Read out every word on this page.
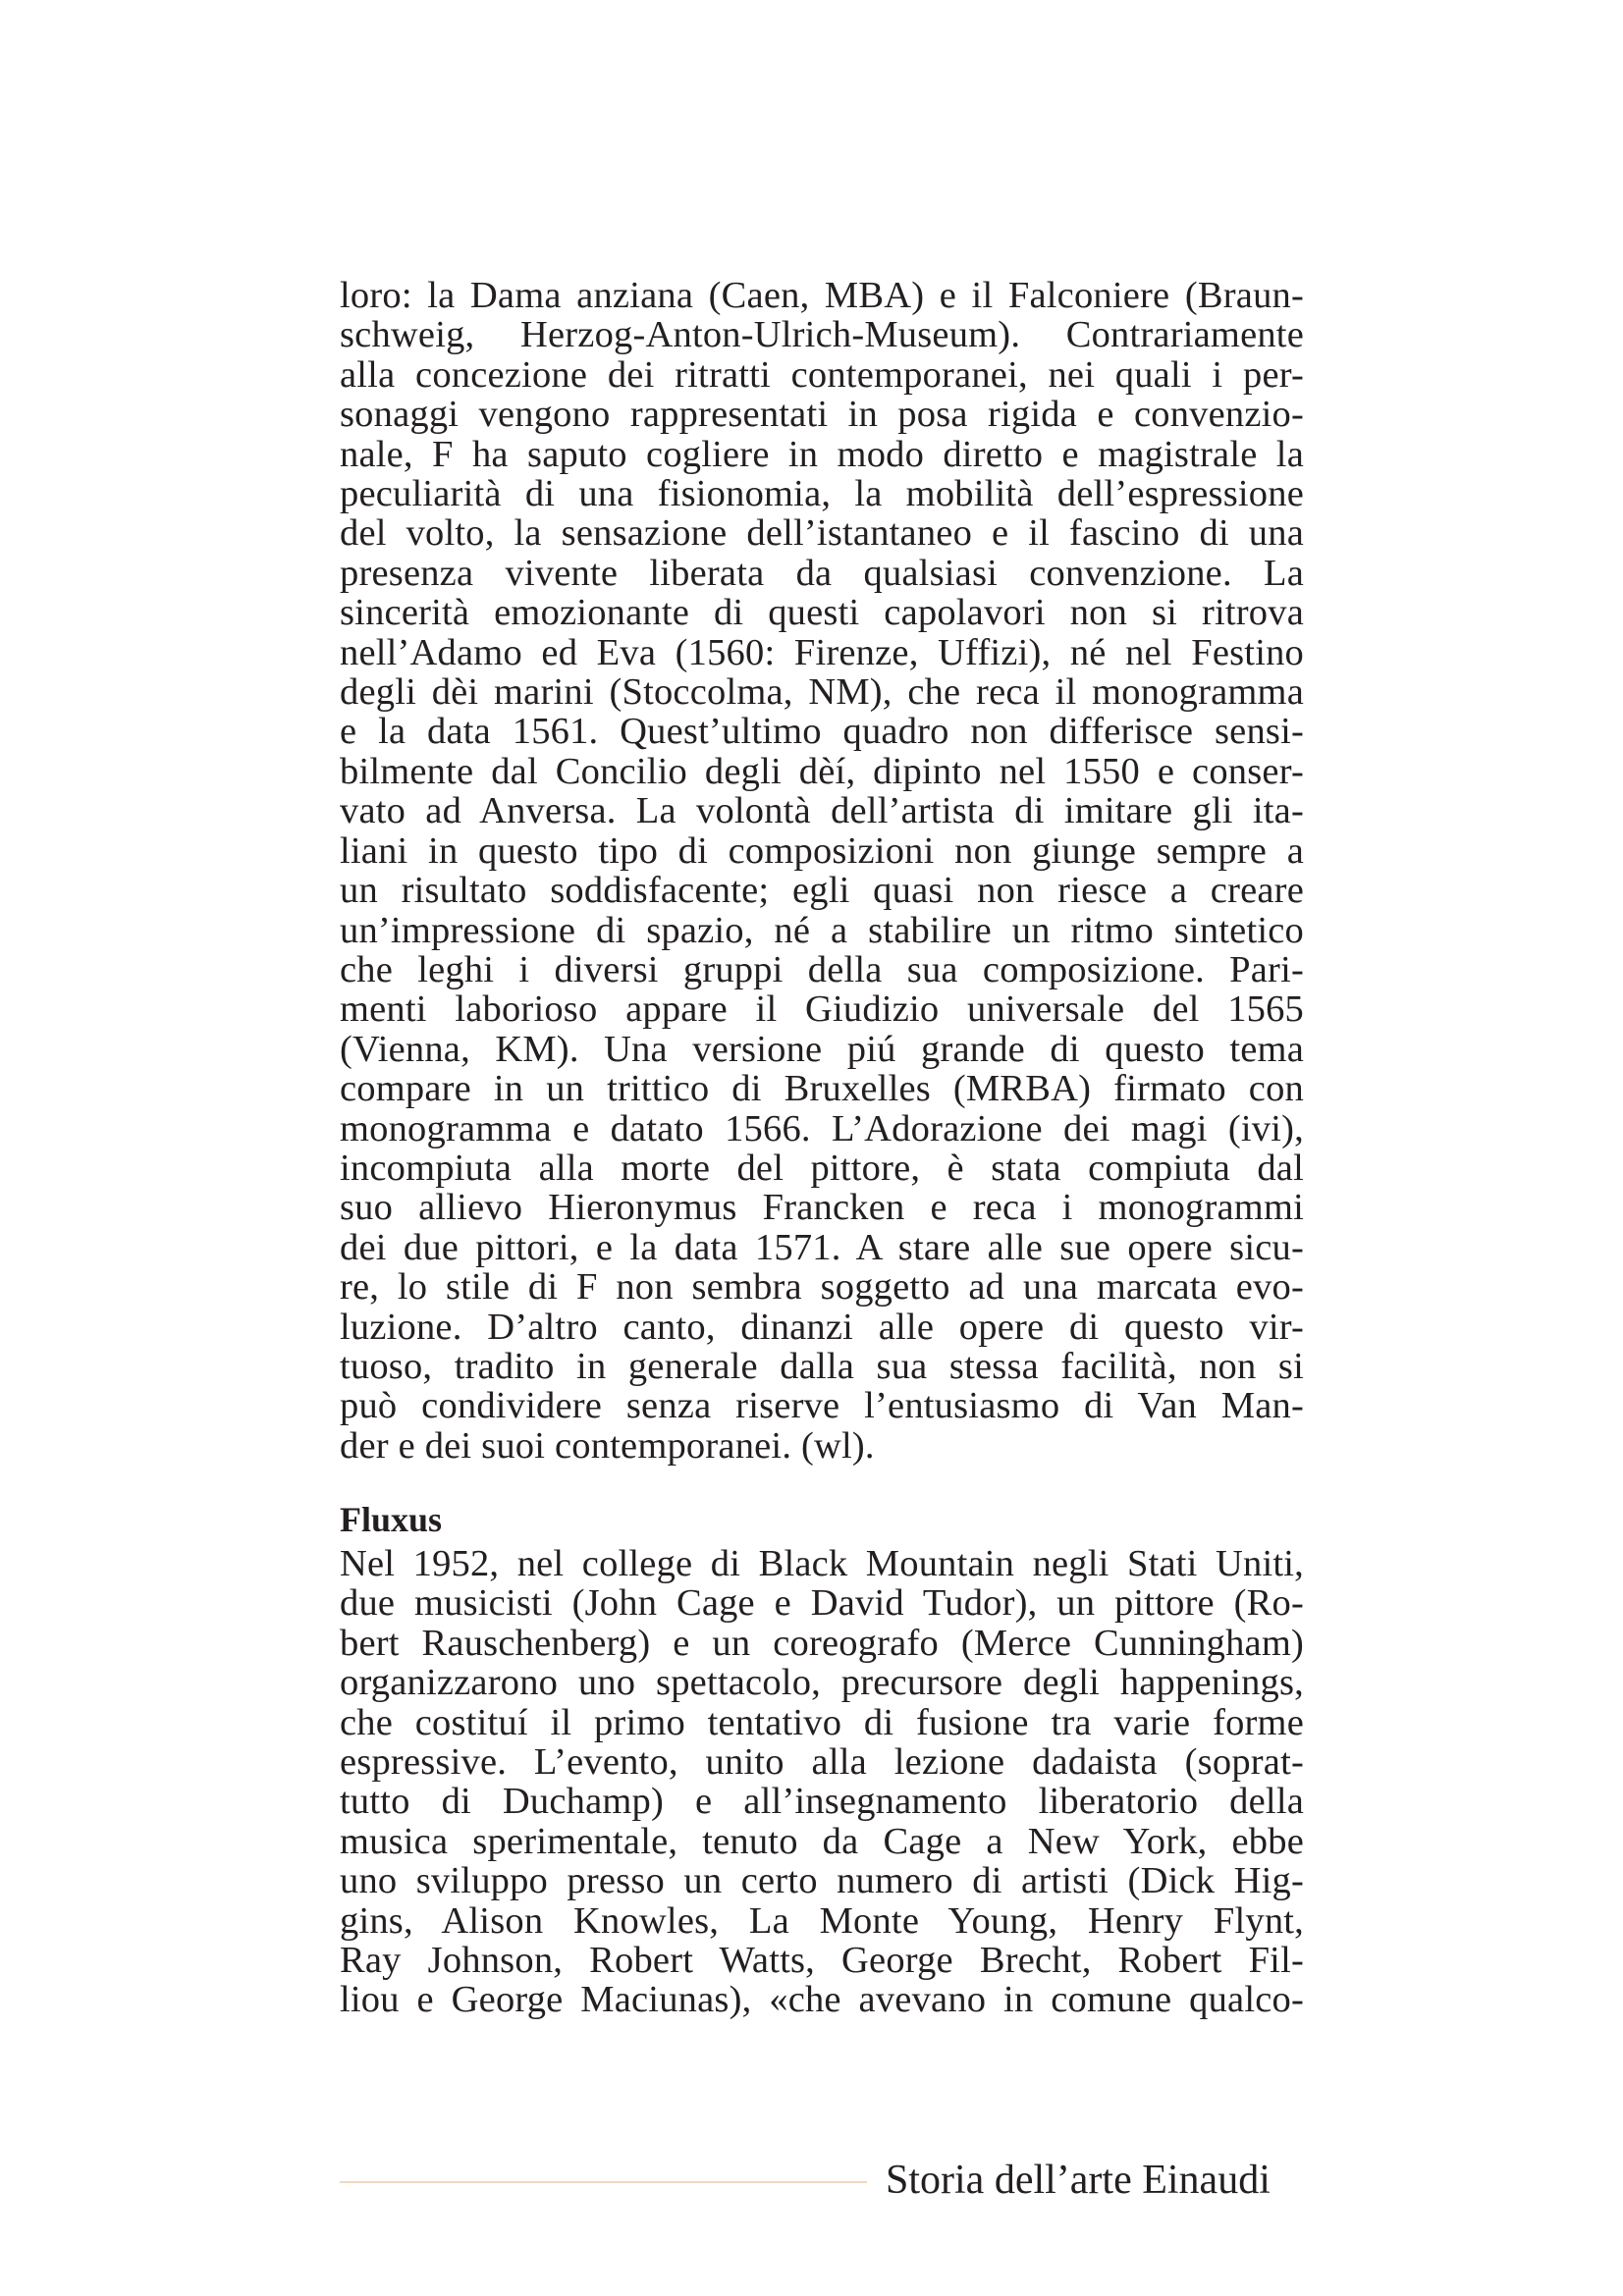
loro: la Dama anziana (Caen, MBA) e il Falconiere (Braun-
schweig, Herzog-Anton-Ulrich-Museum). Contrariamente
alla concezione dei ritratti contemporanei, nei quali i per-
sonaggi vengono rappresentati in posa rigida e convenzio-
nale, F ha saputo cogliere in modo diretto e magistrale la
peculiarità di una fisionomia, la mobilità dell’espressione
del volto, la sensazione dell’istantaneo e il fascino di una
presenza vivente liberata da qualsiasi convenzione. La
sincerità emozionante di questi capolavori non si ritrova
nell’Adamo ed Eva (1560: Firenze, Uffizi), né nel Festino
degli dèi marini (Stoccolma, NM), che reca il monogramma
e la data 1561. Quest’ultimo quadro non differisce sensi-
bilmente dal Concilio degli dèí, dipinto nel 1550 e conser-
vato ad Anversa. La volontà dell’artista di imitare gli ita-
liani in questo tipo di composizioni non giunge sempre a
un risultato soddisfacente; egli quasi non riesce a creare
un’impressione di spazio, né a stabilire un ritmo sintetico
che leghi i diversi gruppi della sua composizione. Pari-
menti laborioso appare il Giudizio universale del 1565
(Vienna, KM). Una versione piú grande di questo tema
compare in un trittico di Bruxelles (MRBA) firmato con
monogramma e datato 1566. L’Adorazione dei magi (ivi),
incompiuta alla morte del pittore, è stata compiuta dal
suo allievo Hieronymus Francken e reca i monogrammi
dei due pittori, e la data 1571. A stare alle sue opere sicu-
re, lo stile di F non sembra soggetto ad una marcata evo-
luzione. D’altro canto, dinanzi alle opere di questo vir-
tuoso, tradito in generale dalla sua stessa facilità, non si
può condividere senza riserve l’entusiasmo di Van Man-
der e dei suoi contemporanei. (wl).
Fluxus
Nel 1952, nel college di Black Mountain negli Stati Uniti,
due musicisti (John Cage e David Tudor), un pittore (Ro-
bert Rauschenberg) e un coreografo (Merce Cunningham)
organizzarono uno spettacolo, precursore degli happenings,
che costituí il primo tentativo di fusione tra varie forme
espressive. L’evento, unito alla lezione dadaista (soprat-
tutto di Duchamp) e all’insegnamento liberatorio della
musica sperimentale, tenuto da Cage a New York, ebbe
uno sviluppo presso un certo numero di artisti (Dick Hig-
gins, Alison Knowles, La Monte Young, Henry Flynt,
Ray Johnson, Robert Watts, George Brecht, Robert Fil-
liou e George Maciunas), «che avevano in comune qualco-
Storia dell’arte Einaudi
